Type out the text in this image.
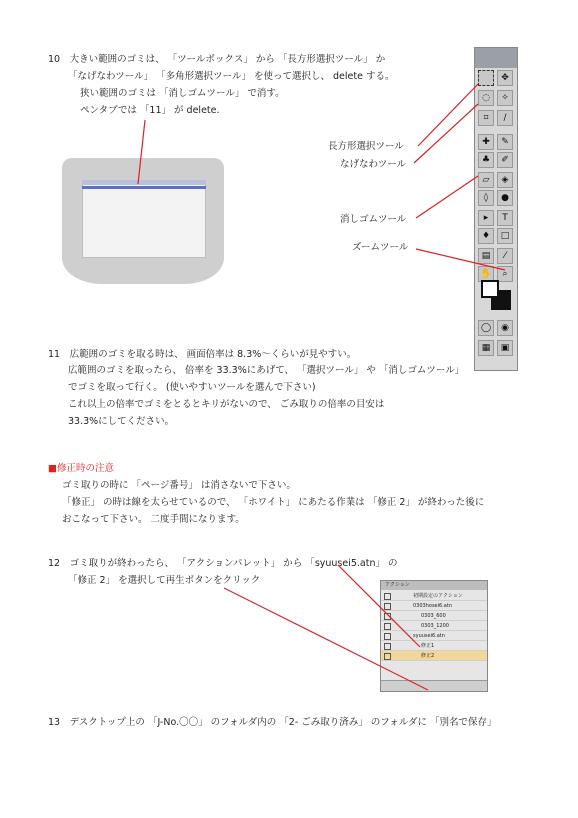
10　大きい範囲のゴミは、 「ツールボックス」 から 「長方形選択ツール」 か
「なげなわツール」 「多角形選択ツール」 を使って選択し、 delete する。
狭い範囲のゴミは 「消しゴムツール」 で消す。
ペンタブでは 「11」 が delete.
長方形選択ツール
なげなわツール
消しゴムツール
ズームツール
✥
◌	✧
⌗	∕
✚	✎
♣	✐
▱	◈
◊	●
▸	T
♦	□
▤	⁄
✋	⌕
◯	◉
▦	▣
11　広範囲のゴミを取る時は、 画面倍率は 8.3%〜くらいが見やすい。
広範囲のゴミを取ったら、 倍率を 33.3%にあげて、 「選択ツール」 や 「消しゴムツール」
でゴミを取って行く。 (使いやすいツールを選んで下さい)
これ以上の倍率でゴミをとるとキリがないので、 ごみ取りの倍率の目安は
33.3%にしてください。
■修正時の注意
ゴミ取りの時に 「ページ番号」 は消さないで下さい。
「修正」 の時は線を太らせているので、 「ホワイト」 にあたる作業は 「修正 2」 が終わった後に
おこなって下さい。 二度手間になります。
12　ゴミ取りが終わったら、 「アクションパレット」 から 「syuusei5.atn」 の
「修正 2」 を選択して再生ボタンをクリック	アクション
初期設定のアクション
0303hosei6.atn
0303_600
0303_1200
syuusei6.atn
修正1
修正2
13　デスクトップ上の 「J-No.〇〇」 のフォルダ内の 「2- ごみ取り済み」 のフォルダに 「別名で保存」
